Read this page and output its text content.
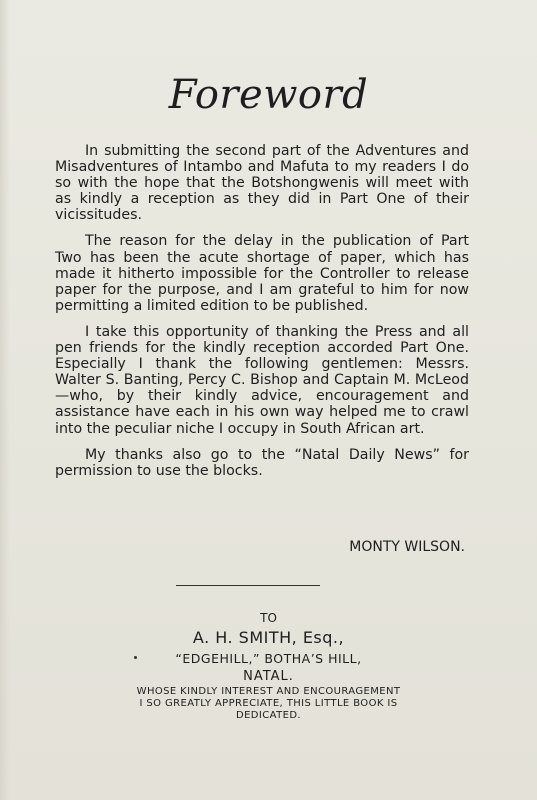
Foreword

In submitting the second part of the Adventures and Misadventures of Intambo and Mafuta to my readers I do so with the hope that the Botshongwenis will meet with as kindly a reception as they did in Part One of their vicissitudes.

The reason for the delay in the publication of Part Two has been the acute shortage of paper, which has made it hitherto impossible for the Controller to release paper for the purpose, and I am grateful to him for now permitting a limited edition to be published.

I take this opportunity of thanking the Press and all pen friends for the kindly reception accorded Part One. Especially I thank the following gentlemen: Messrs. Walter S. Banting, Percy C. Bishop and Captain M. McLeod—who, by their kindly advice, encouragement and assistance have each in his own way helped me to crawl into the peculiar niche I occupy in South African art.

My thanks also go to the “Natal Daily News” for permission to use the blocks.

MONTY WILSON.
TO
A. H. SMITH, Esq.,
“EDGEHILL,” BOTHA’S HILL,
NATAL.
WHOSE KINDLY INTEREST AND ENCOURAGEMENT
I SO GREATLY APPRECIATE, THIS LITTLE BOOK IS
DEDICATED.
